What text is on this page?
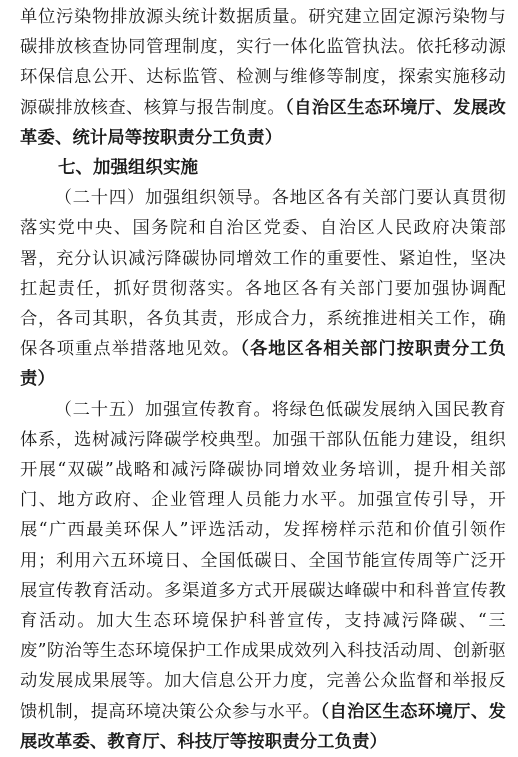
单位污染物排放源头统计数据质量。研究建立固定源污染物与碳排放核查协同管理制度，实行一体化监管执法。依托移动源环保信息公开、达标监管、检测与维修等制度，探索实施移动源碳排放核查、核算与报告制度。（自治区生态环境厅、发展改革委、统计局等按职责分工负责）

七、加强组织实施

（二十四）加强组织领导。各地区各有关部门要认真贯彻落实党中央、国务院和自治区党委、自治区人民政府决策部署，充分认识减污降碳协同增效工作的重要性、紧迫性，坚决扛起责任，抓好贯彻落实。各地区各有关部门要加强协调配合，各司其职，各负其责，形成合力，系统推进相关工作，确保各项重点举措落地见效。（各地区各相关部门按职责分工负责）

（二十五）加强宣传教育。将绿色低碳发展纳入国民教育体系，选树减污降碳学校典型。加强干部队伍能力建设，组织开展“双碳”战略和减污降碳协同增效业务培训，提升相关部门、地方政府、企业管理人员能力水平。加强宣传引导，开展“广西最美环保人”评选活动，发挥榜样示范和价值引领作用；利用六五环境日、全国低碳日、全国节能宣传周等广泛开展宣传教育活动。多渠道多方式开展碳达峰碳中和科普宣传教育活动。加大生态环境保护科普宣传，支持减污降碳、“三废”防治等生态环境保护工作成果成效列入科技活动周、创新驱动发展成果展等。加大信息公开力度，完善公众监督和举报反馈机制，提高环境决策公众参与水平。（自治区生态环境厅、发展改革委、教育厅、科技厅等按职责分工负责）
